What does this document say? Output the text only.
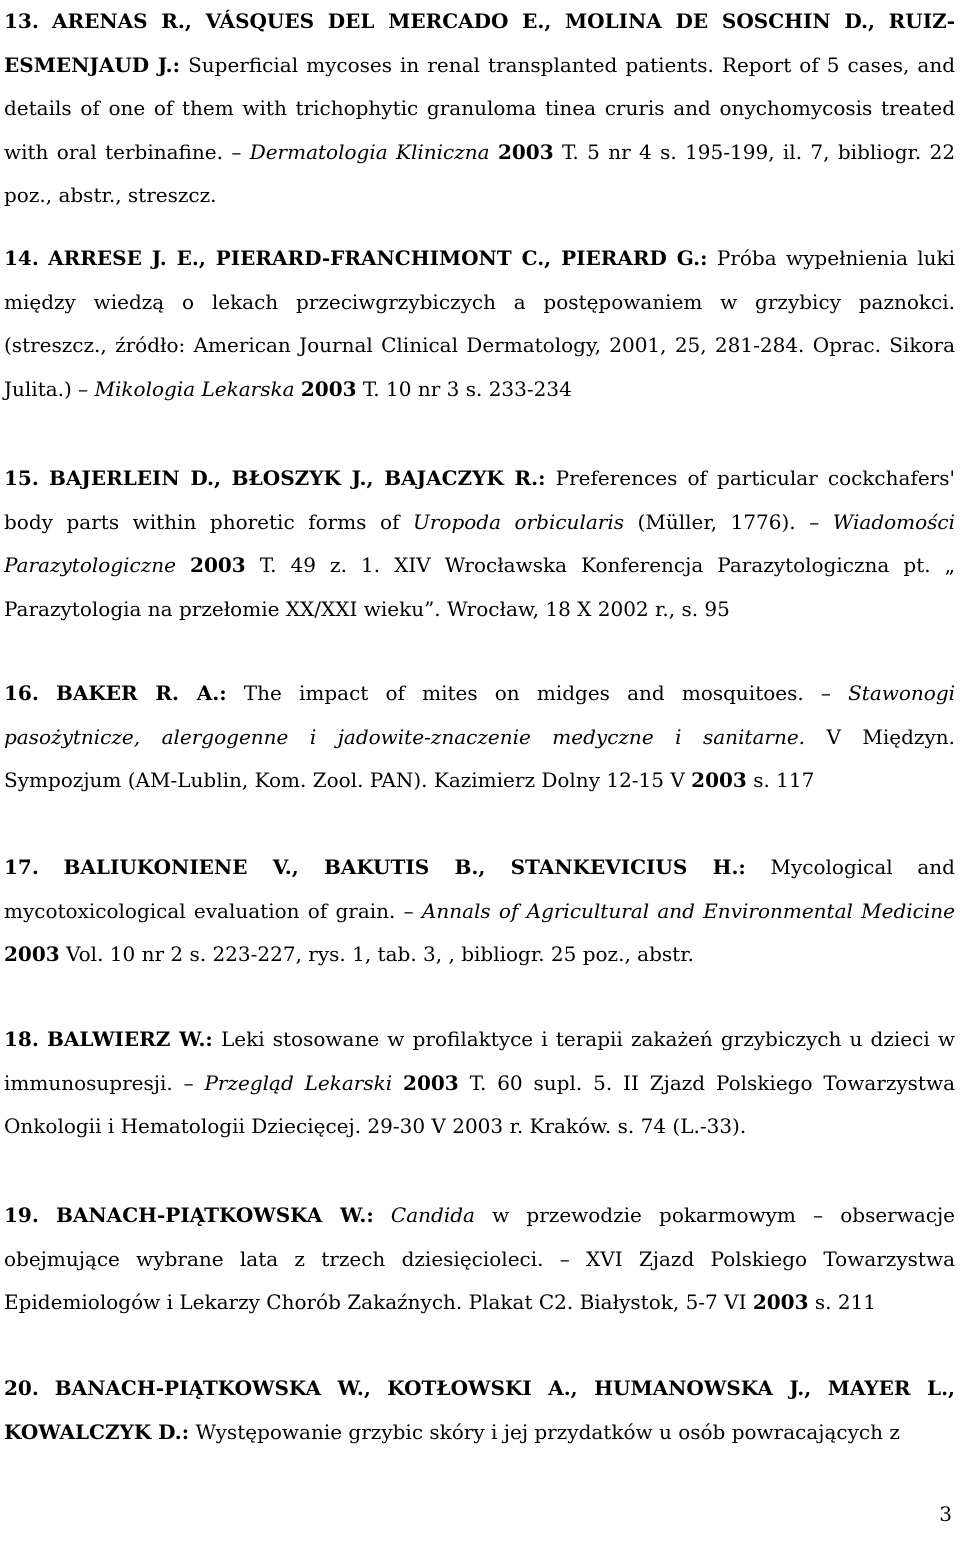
13. ARENAS R., VÁSQUES DEL MERCADO E., MOLINA DE SOSCHIN D., RUIZ-ESMENJAUD J.: Superficial mycoses in renal transplanted patients. Report of 5 cases, and details of one of them with trichophytic granuloma tinea cruris and onychomycosis treated with oral terbinafine. – Dermatologia Kliniczna 2003 T. 5 nr 4 s. 195-199, il. 7, bibliogr. 22 poz., abstr., streszcz.
14. ARRESE J. E., PIERARD-FRANCHIMONT C., PIERARD G.: Próba wypełnienia luki między wiedzą o lekach przeciwgrzybiczych a postępowaniem w grzybicy paznokci. (streszcz., źródło: American Journal Clinical Dermatology, 2001, 25, 281-284. Oprac. Sikora Julita.) – Mikologia Lekarska 2003 T. 10 nr 3 s. 233-234
15. BAJERLEIN D., BŁOSZYK J., BAJACZYK R.: Preferences of particular cockchafers' body parts within phoretic forms of Uropoda orbicularis (Müller, 1776). – Wiadomości Parazytologiczne 2003 T. 49 z. 1. XIV Wrocławska Konferencja Parazytologiczna pt. „ Parazytologia na przełomie XX/XXI wieku”. Wrocław, 18 X 2002 r., s. 95
16. BAKER R. A.: The impact of mites on midges and mosquitoes. – Stawonogi pasożytnicze, alergogenne i jadowite-znaczenie medyczne i sanitarne. V Międzyn. Sympozjum (AM-Lublin, Kom. Zool. PAN). Kazimierz Dolny 12-15 V 2003 s. 117
17. BALIUKONIENE V., BAKUTIS B., STANKEVICIUS H.: Mycological and mycotoxicological evaluation of grain. – Annals of Agricultural and Environmental Medicine 2003 Vol. 10 nr 2 s. 223-227, rys. 1, tab. 3, , bibliogr. 25 poz., abstr.
18. BALWIERZ W.: Leki stosowane w profilaktyce i terapii zakażeń grzybiczych u dzieci w immunosupresji. – Przegląd Lekarski 2003 T. 60 supl. 5. II Zjazd Polskiego Towarzystwa Onkologii i Hematologii Dziecięcej. 29-30 V 2003 r. Kraków. s. 74 (L.-33).
19. BANACH-PIĄTKOWSKA W.: Candida w przewodzie pokarmowym – obserwacje obejmujące wybrane lata z trzech dziesięcioleci. – XVI Zjazd Polskiego Towarzystwa Epidemiologów i Lekarzy Chorób Zakaźnych. Plakat C2. Białystok, 5-7 VI 2003 s. 211
20. BANACH-PIĄTKOWSKA W., KOTŁOWSKI A., HUMANOWSKA J., MAYER L., KOWALCZYK D.: Występowanie grzybic skóry i jej przydatków u osób powracających z
3
